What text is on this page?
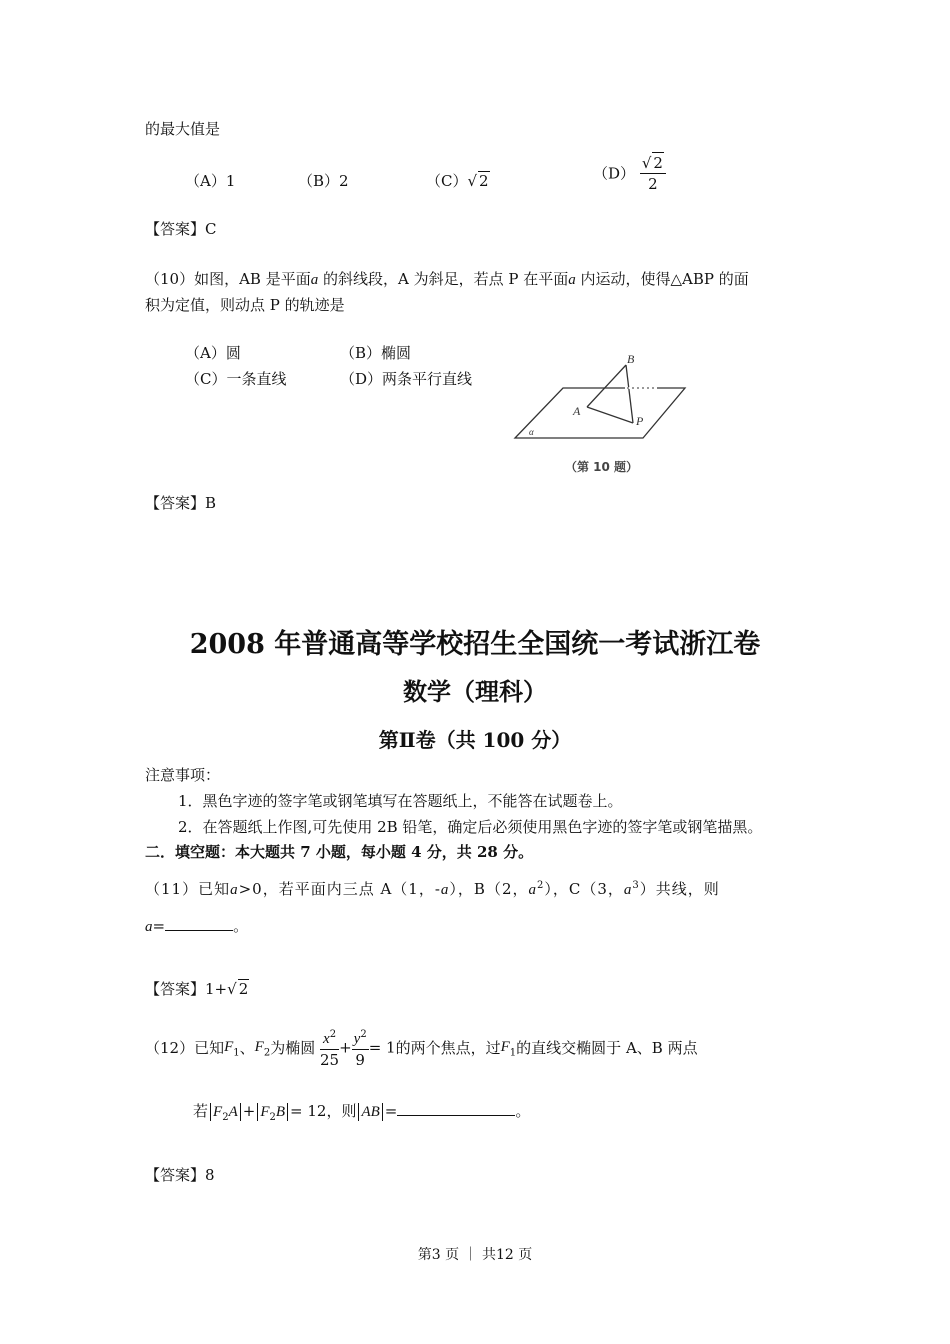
的最大值是
（A）1	（B）2	（C）√ 2	$(D) \frac{√ 2}{2}$
【答案】C
（10）如图，AB 是平面a 的斜线段，A 为斜足，若点 P 在平面a 内运动，使得△ABP 的面
积为定值，则动点 P 的轨迹是
（A）圆	（B）椭圆
（C）一条直线	（D）两条平行直线
B
A
P
α
（第 10 题）
【答案】B
2008 年普通高等学校招生全国统一考试浙江卷
数学（理科）
第Ⅱ卷（共 100 分）
注意事项：
1．黑色字迹的签字笔或钢笔填写在答题纸上，不能答在试题卷上。
2．在答题纸上作图,可先使用 2B 铅笔，确定后必须使用黑色字迹的签字笔或钢笔描黑。
二．填空题：本大题共 7 小题，每小题 4 分，共 28 分。
（11）已知a>0，若平面内三点 A（1，-a），B（2，$a^2$），C（3，$a^3$）共线，则
a=	。
【答案】1+√ 2
（12）已知$F_1$、$F_2$为椭圆 $\frac{x^2}{25} + \frac{y^2}{9} = 1$的两个焦点，过$F_1$的直线交椭圆于 A、B 两点
若 $F_2A + F_2B = 12$，则 AB =	。
【答案】8
第3 页 ｜ 共12 页
